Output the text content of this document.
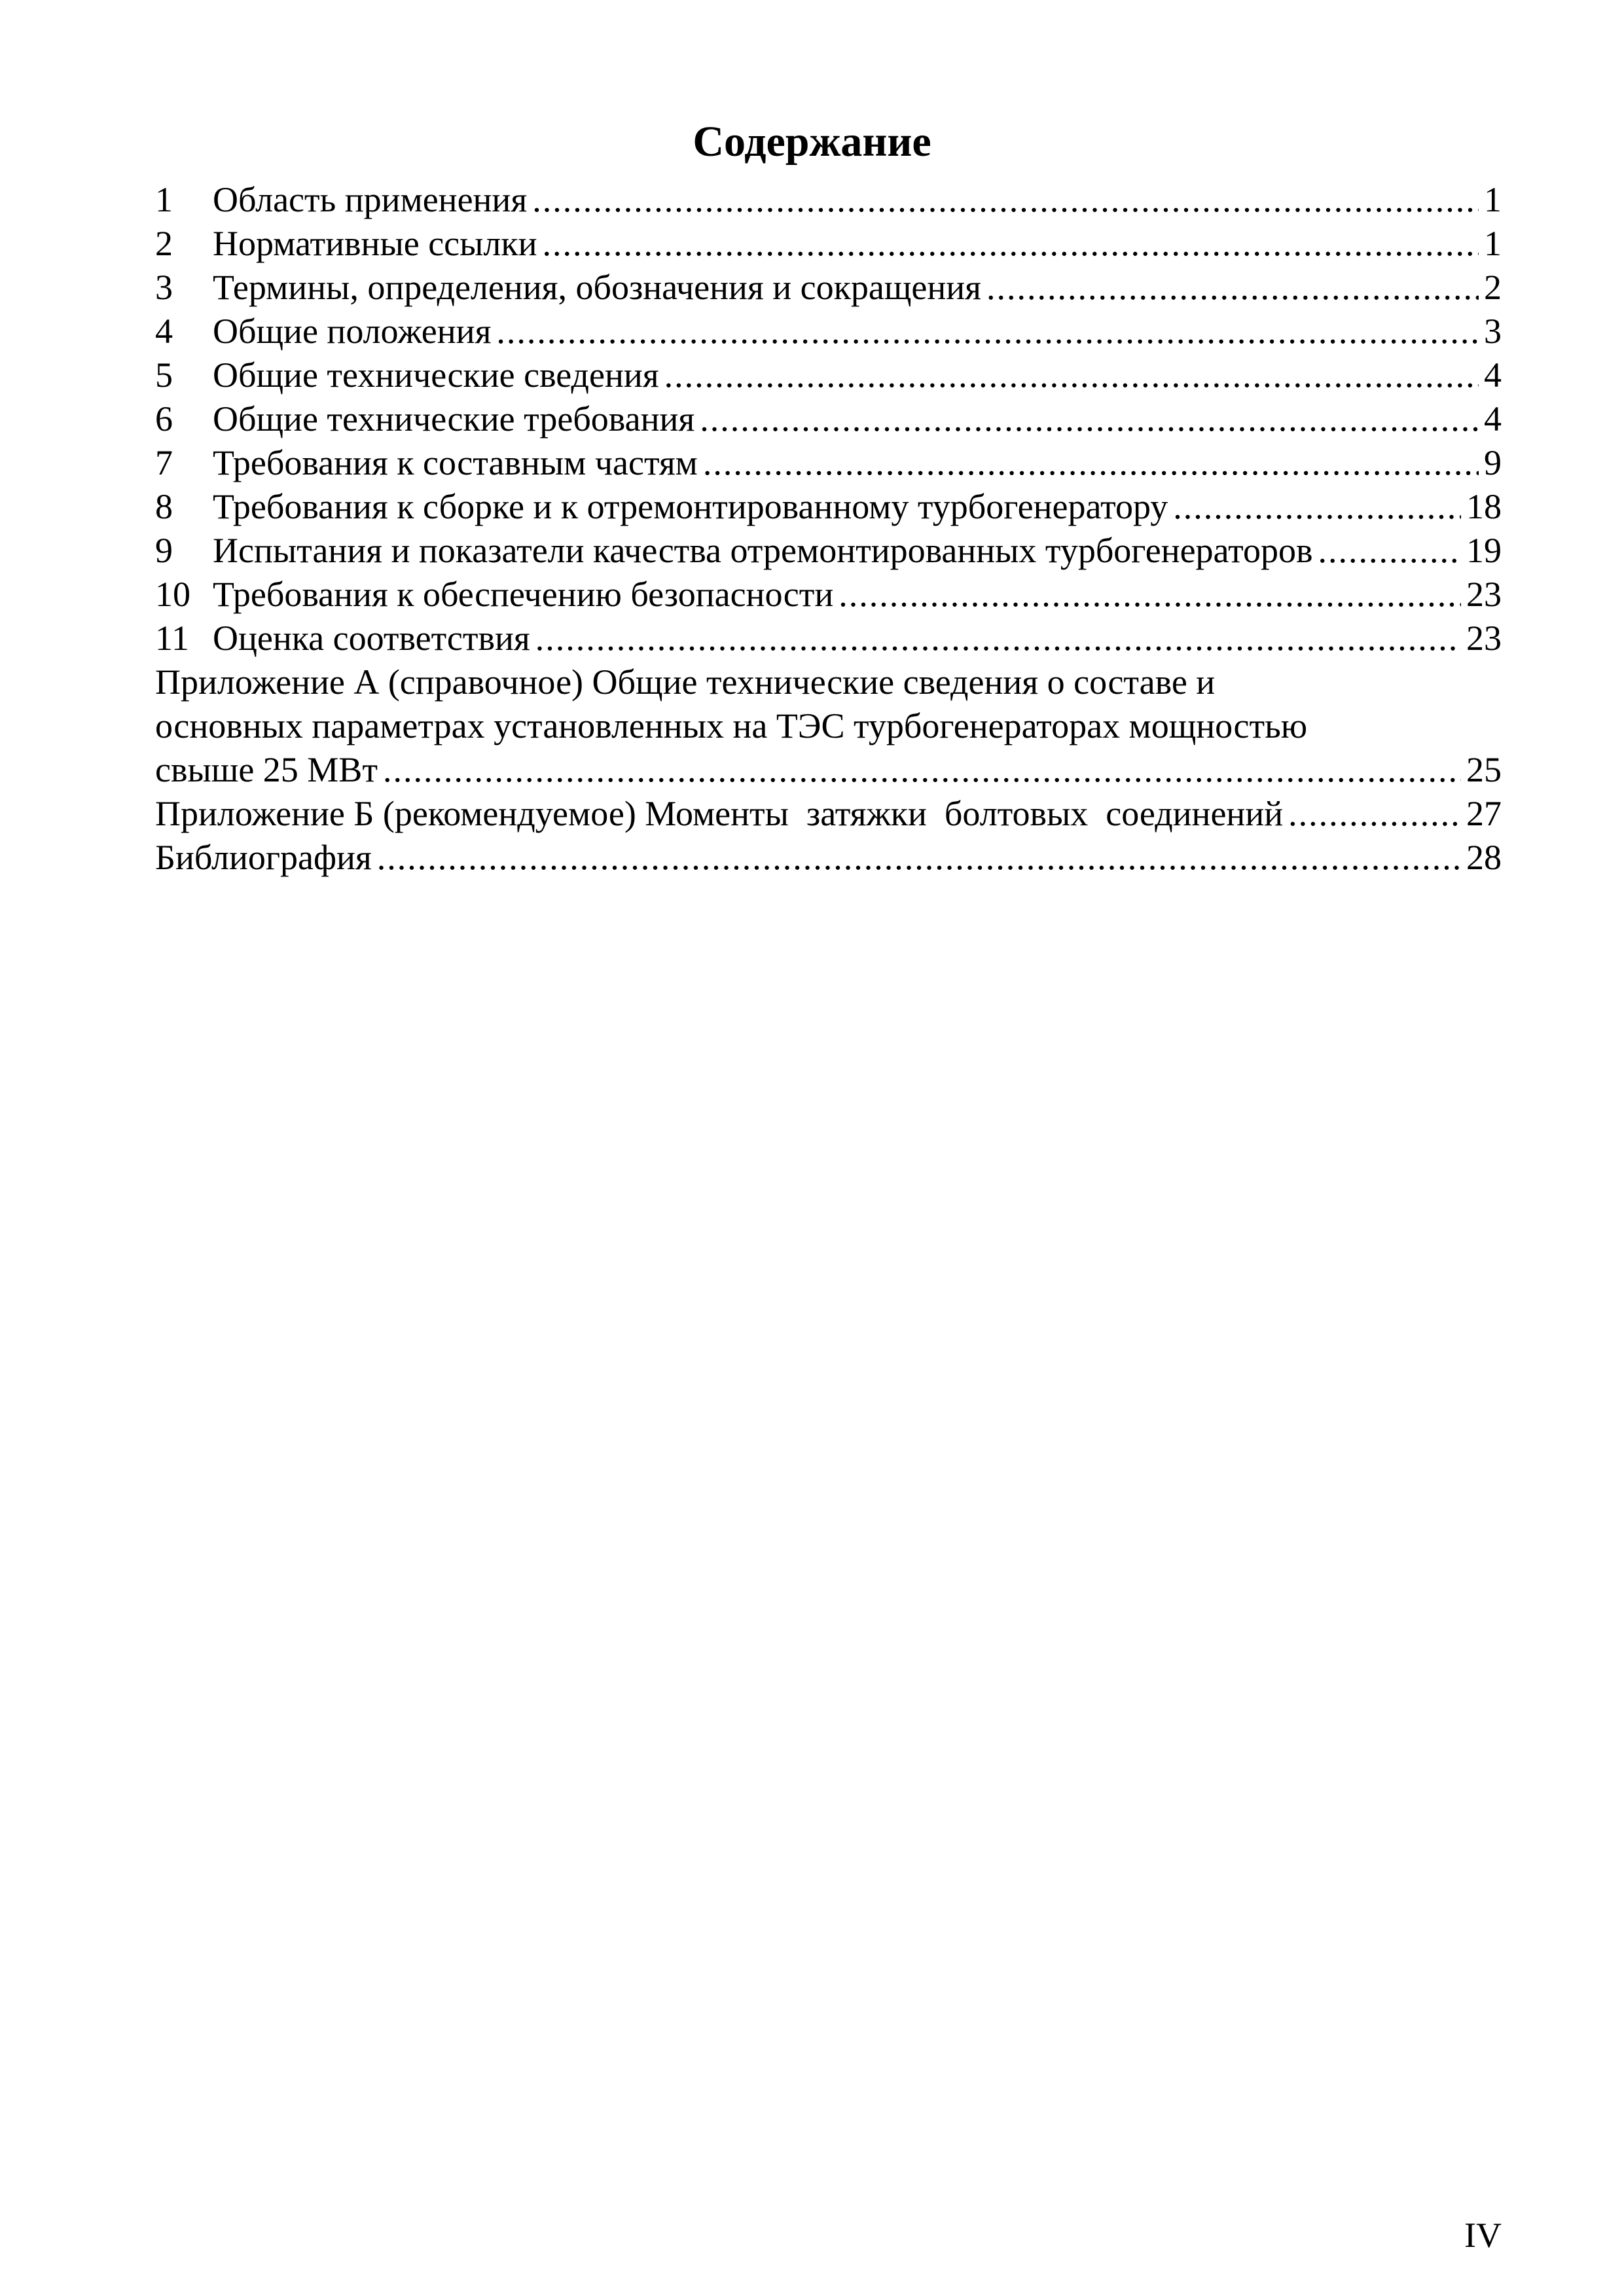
Содержание
1	Область применения .....	1
2	Нормативные ссылки .....	1
3	Термины, определения, обозначения и сокращения .....	2
4	Общие положения .....	3
5	Общие технические сведения .....	4
6	Общие технические требования .....	4
7	Требования к составным частям .....	9
8	Требования к сборке и к отремонтированному турбогенератору .....	18
9	Испытания и показатели качества отремонтированных турбогенераторов .....	19
10 Требования к обеспечению безопасности .....	23
11 Оценка соответствия .....	23
Приложение А (справочное) Общие технические сведения о составе и
основных параметрах установленных на ТЭС турбогенераторах мощностью
свыше 25 МВт .....	25
Приложение Б (рекомендуемое) Моменты  затяжки  болтовых  соединений .....	27
Библиография .....	28
IV
